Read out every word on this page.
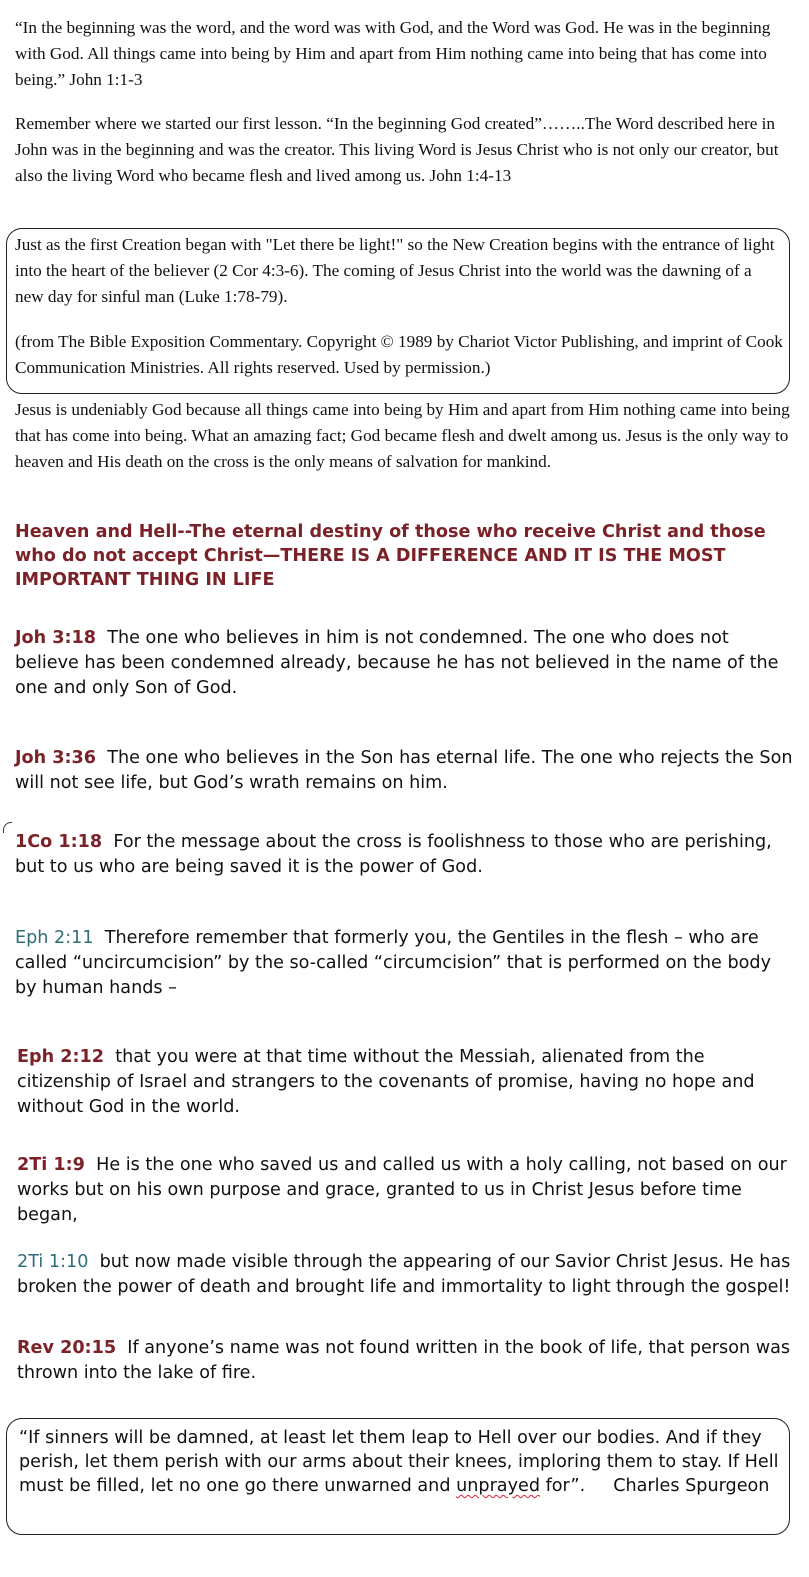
“In the beginning was the word, and the word was with God, and the Word was God. He was in the beginning with God. All things came into being by Him and apart from Him nothing came into being that has come into being.” John 1:1-3

Remember where we started our first lesson. “In the beginning God created”……..The Word described here in John was in the beginning and was the creator. This living Word is Jesus Christ who is not only our creator, but also the living Word who became flesh and lived among us. John 1:4-13

Just as the first Creation began with "Let there be light!" so the New Creation begins with the entrance of light into the heart of the believer (2 Cor 4:3-6). The coming of Jesus Christ into the world was the dawning of a new day for sinful man (Luke 1:78-79).

(from The Bible Exposition Commentary. Copyright © 1989 by Chariot Victor Publishing, and imprint of Cook Communication Ministries. All rights reserved. Used by permission.)

Jesus is undeniably God because all things came into being by Him and apart from Him nothing came into being that has come into being. What an amazing fact; God became flesh and dwelt among us. Jesus is the only way to heaven and His death on the cross is the only means of salvation for mankind.

Heaven and Hell--The eternal destiny of those who receive Christ and those who do not accept Christ—THERE IS A DIFFERENCE AND IT IS THE MOST IMPORTANT THING IN LIFE

Joh 3:18 The one who believes in him is not condemned. The one who does not believe has been condemned already, because he has not believed in the name of the one and only Son of God.

Joh 3:36 The one who believes in the Son has eternal life. The one who rejects the Son will not see life, but God’s wrath remains on him.

1Co 1:18 For the message about the cross is foolishness to those who are perishing, but to us who are being saved it is the power of God.

Eph 2:11 Therefore remember that formerly you, the Gentiles in the flesh – who are called “uncircumcision” by the so-called “circumcision” that is performed on the body by human hands –

Eph 2:12 that you were at that time without the Messiah, alienated from the citizenship of Israel and strangers to the covenants of promise, having no hope and without God in the world.

2Ti 1:9 He is the one who saved us and called us with a holy calling, not based on our works but on his own purpose and grace, granted to us in Christ Jesus before time began,

2Ti 1:10 but now made visible through the appearing of our Savior Christ Jesus. He has broken the power of death and brought life and immortality to light through the gospel!

Rev 20:15 If anyone’s name was not found written in the book of life, that person was thrown into the lake of fire.

“If sinners will be damned, at least let them leap to Hell over our bodies. And if they perish, let them perish with our arms about their knees, imploring them to stay. If Hell must be filled, let no one go there unwarned and unprayed for”. Charles Spurgeon
